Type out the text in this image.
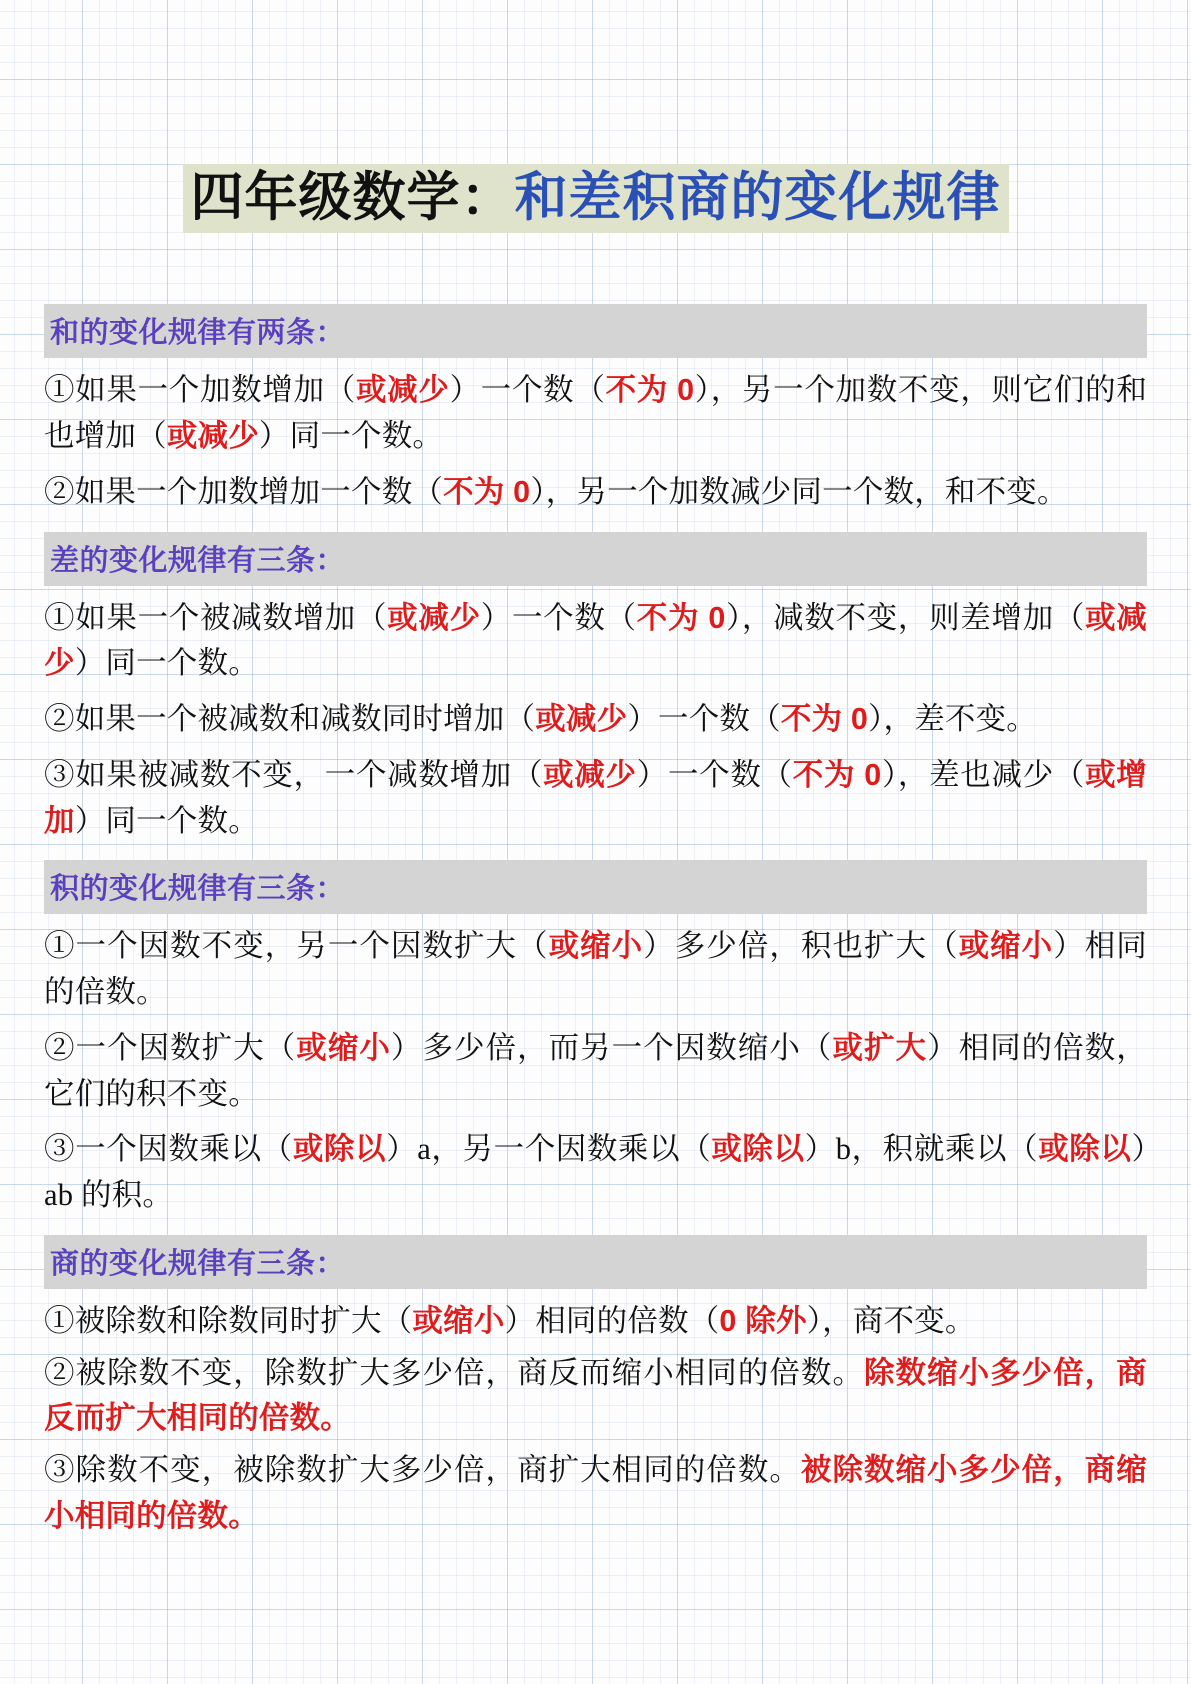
四年级数学：和差积商的变化规律
和的变化规律有两条：

①如果一个加数增加（或减少）一个数（不为 0），另一个加数不变，则它们的和也增加（或减少）同一个数。

②如果一个加数增加一个数（不为 0），另一个加数减少同一个数，和不变。

差的变化规律有三条：

①如果一个被减数增加（或减少）一个数（不为 0），减数不变，则差增加（或减少）同一个数。

②如果一个被减数和减数同时增加（或减少）一个数（不为 0），差不变。

③如果被减数不变，一个减数增加（或减少）一个数（不为 0），差也减少（或增加）同一个数。

积的变化规律有三条：

①一个因数不变，另一个因数扩大（或缩小）多少倍，积也扩大（或缩小）相同的倍数。

②一个因数扩大（或缩小）多少倍，而另一个因数缩小（或扩大）相同的倍数，它们的积不变。

③一个因数乘以（或除以）a，另一个因数乘以（或除以）b，积就乘以（或除以）ab 的积。

商的变化规律有三条：

①被除数和除数同时扩大（或缩小）相同的倍数（0 除外），商不变。

②被除数不变，除数扩大多少倍，商反而缩小相同的倍数。除数缩小多少倍，商反而扩大相同的倍数。

③除数不变，被除数扩大多少倍，商扩大相同的倍数。被除数缩小多少倍，商缩小相同的倍数。
